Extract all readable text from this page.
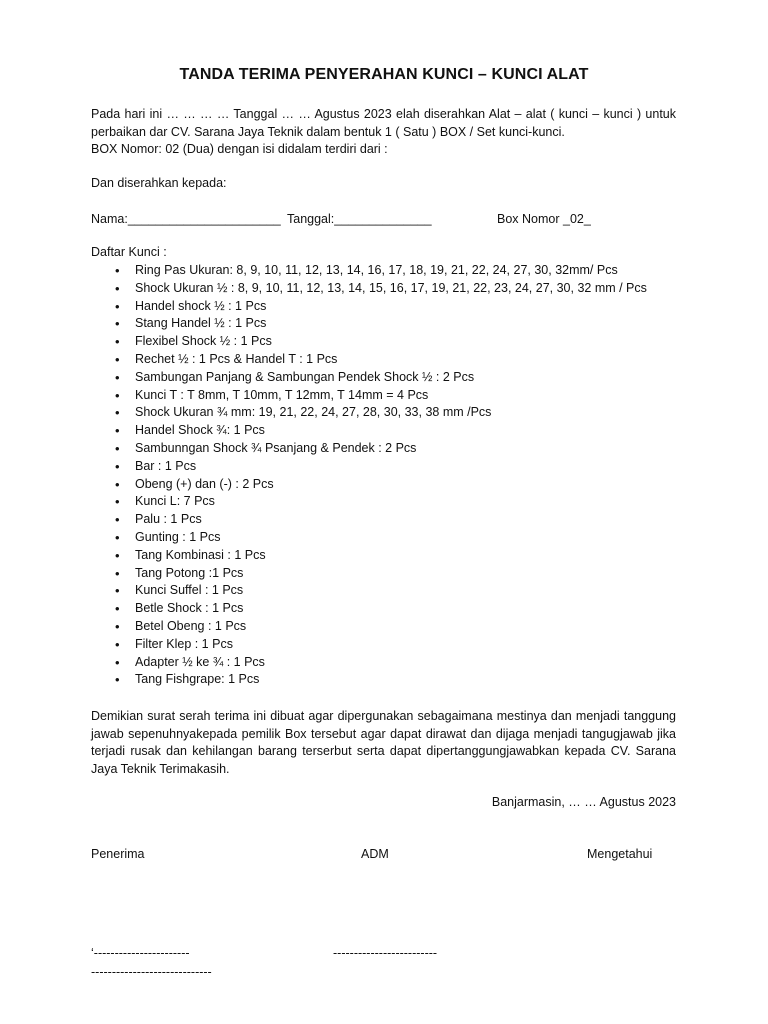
TANDA TERIMA PENYERAHAN KUNCI – KUNCI ALAT

Pada hari ini … … … … Tanggal … … Agustus 2023 elah diserahkan Alat – alat ( kunci – kunci ) untuk perbaikan dar CV. Sarana Jaya Teknik dalam bentuk 1 ( Satu ) BOX / Set kunci-kunci.

BOX Nomor: 02 (Dua) dengan isi didalam terdiri dari :

Dan diserahkan kepada:
Nama:______________________ Tanggal:______________	Box Nomor _02_
Daftar Kunci :
• Ring Pas Ukuran: 8, 9, 10, 11, 12, 13, 14, 16, 17, 18, 19, 21, 22, 24, 27, 30, 32mm/ Pcs
• Shock Ukuran ½ : 8, 9, 10, 11, 12, 13, 14, 15, 16, 17, 19, 21, 22, 23, 24, 27, 30, 32 mm / Pcs
• Handel shock ½ : 1 Pcs
• Stang Handel ½ : 1 Pcs
• Flexibel Shock ½ : 1 Pcs
• Rechet ½ : 1 Pcs & Handel T : 1 Pcs
• Sambungan Panjang & Sambungan Pendek Shock ½ : 2 Pcs
• Kunci T : T 8mm, T 10mm, T 12mm, T 14mm = 4 Pcs
• Shock Ukuran ¾ mm: 19, 21, 22, 24, 27, 28, 30, 33, 38 mm /Pcs
• Handel Shock ¾: 1 Pcs
• Sambunngan Shock ¾ Psanjang & Pendek : 2 Pcs
• Bar : 1 Pcs
• Obeng (+) dan (-) : 2 Pcs
• Kunci L: 7 Pcs
• Palu : 1 Pcs
• Gunting : 1 Pcs
• Tang Kombinasi : 1 Pcs
• Tang Potong :1 Pcs
• Kunci Suffel : 1 Pcs
• Betle Shock : 1 Pcs
• Betel Obeng : 1 Pcs
• Filter Klep : 1 Pcs
• Adapter ½ ke ¾ : 1 Pcs
• Tang Fishgrape: 1 Pcs

Demikian surat serah terima ini dibuat agar dipergunakan sebagaimana mestinya dan menjadi tanggung jawab sepenuhnyakepada pemilik Box tersebut agar dapat dirawat dan dijaga menjadi tangugjawab jika terjadi rusak dan kehilangan barang terserbut serta dapat dipertanggungjawabkan kepada CV. Sarana Jaya Teknik Terimakasih.

Banjarmasin, … … Agustus 2023
Penerima	ADM	Mengetahui
‘-----------------------	-------------------------
-----------------------------
